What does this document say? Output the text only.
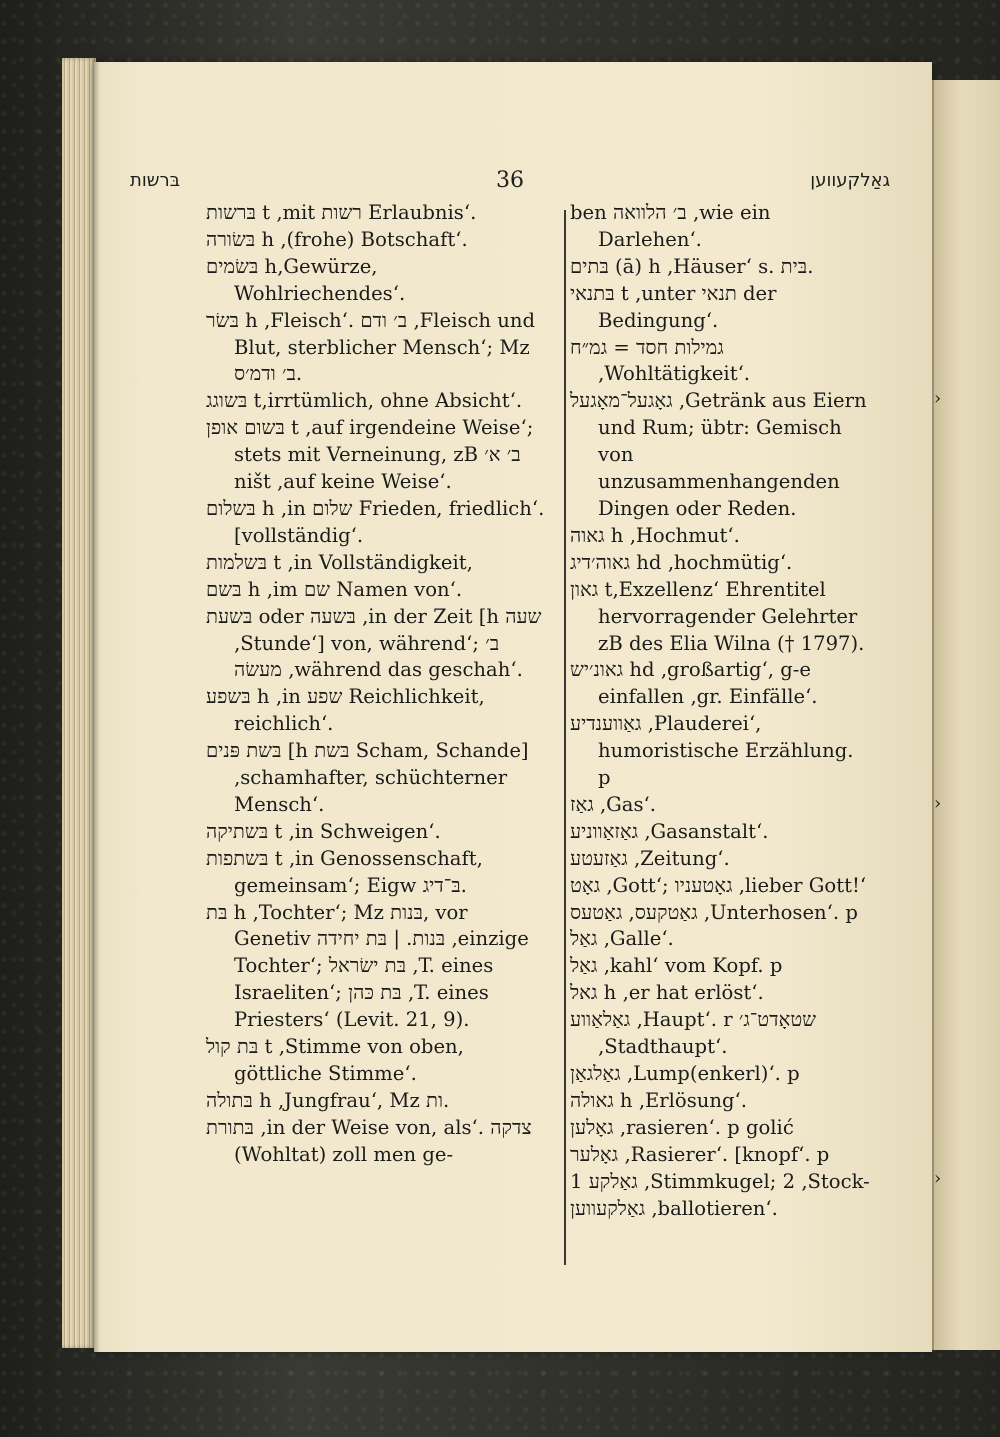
›
›
›
בּרשות	36	גאַלקעווען

בּרשות t ‚mit רשות Erlaubnis‘.

בּשׂורה h ‚(frohe) Botschaft‘.

בּשׂמים h‚Gewürze, Wohlriechendes‘.

בּשׂר h ‚Fleisch‘. ב׳ ודם ‚Fleisch und Blut, sterblicher Mensch‘; Mz ב׳ ודמ׳ס.

בּשוגג t‚irrtümlich, ohne Absicht‘.

בּשום אופן t ‚auf irgendeine Weise‘; stets mit Verneinung, zB ב׳ א׳ ništ ‚auf keine Weise‘.

בּשלום h ‚in שלום Frieden, friedlich‘. [vollständig‘.

בּשלמות t ‚in Vollständigkeit,

בּשם h ‚im שם Namen von‘.

בּשעת oder בּשעה ‚in der Zeit [h שעה ‚Stunde‘] von, während‘; ב׳ מעשׂה ‚während das geschah‘.

בּשפע h ‚in שפע Reichlichkeit, reichlich‘.

בּשת פּנים [h בּשת Scham, Schande] ‚schamhafter, schüchterner Mensch‘.

בּשתיקה t ‚in Schweigen‘.

בּשתפות t ‚in Genossenschaft, gemeinsam‘; Eigw בּ־דיג.

בּת h ‚Tochter‘; Mz בּנות, vor Genetiv בּנות. | בּת יחידה ‚einzige Tochter‘; בּת ישׂראל ‚T. eines Israeliten‘; בּת כּהן ‚T. eines Priesters‘ (Levit. 21, 9).

בּת קול t ‚Stimme von oben, göttliche Stimme‘.

בּתולה h ‚Jungfrau‘, Mz ות.

בּתורת ‚in der Weise von, als‘. צדקה (Wohltat) zoll men ge-

ben ב׳ הלוואה ‚wie ein Darlehen‘.

בּתים (ā) h ‚Häuser‘ s. בּית.

בּתנאי t ‚unter תנאי der Bedingung‘.

גמילות חסד = גמ״ח ‚Wohltätigkeit‘.

גאָגעל־מאָגעל ‚Getränk aus Eiern und Rum; übtr: Gemisch von unzusammenhangenden Dingen oder Reden.

גאוה h ‚Hochmut‘.

גאוה׳דיג hd ‚hochmütig‘.

גאון t‚Exzellenz‘ Ehrentitel hervorragender Gelehrter zB des Elia Wilna († 1797).

גאונ׳יש hd ‚großartig‘, g-e einfallen ‚gr. Einfälle‘.

גאַווענדיע ‚Plauderei‘, humoristische Erzählung. p

גאַז ‚Gas‘.

גאַזאַווניע ‚Gasanstalt‘.

גאַזעטע ‚Zeitung‘.

גאָט ‚Gott‘; גאָטעניו ‚lieber Gott!‘

גאַטקעס, גאַטעס ‚Unterhosen‘. p

גאַל ‚Galle‘.

גאַל ‚kahl‘ vom Kopf. p

גאל h ‚er hat erlöst‘.

גאַלאַווע ‚Haupt‘. r שטאָדט־ג׳ ‚Stadthaupt‘.

גאַלגאַן ‚Lump(enkerl)‘. p

גאולה h ‚Erlösung‘.

גאָלען ‚rasieren‘. p golić

גאָלער ‚Rasierer‘. [knopf‘. p

גאַלקע 1 ‚Stimmkugel; 2 ‚Stock-

גאַלקעווען ‚ballotieren‘.
